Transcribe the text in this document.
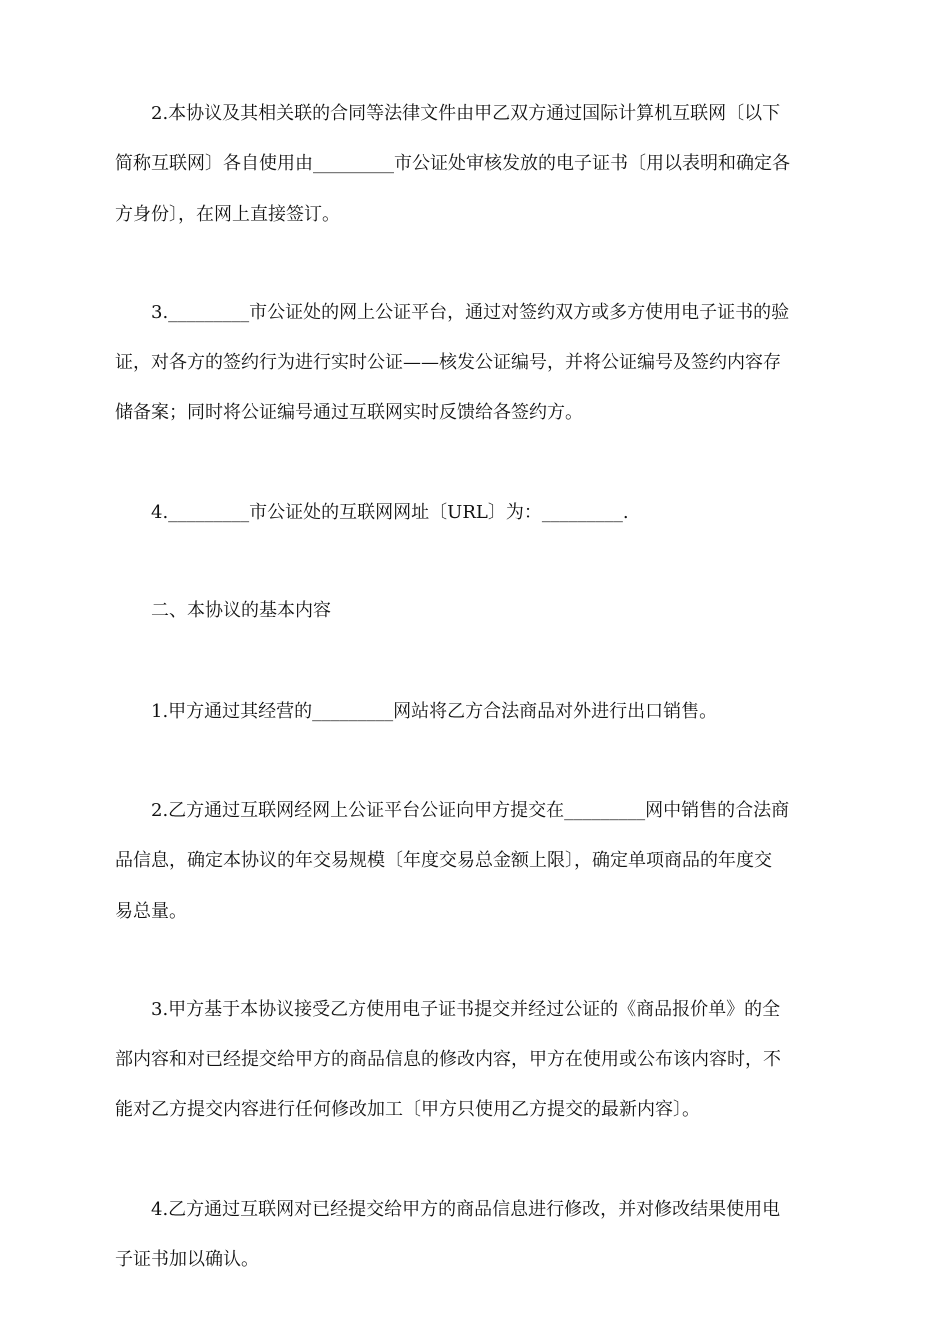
2.本协议及其相关联的合同等法律文件由甲乙双方通过国际计算机互联网〔以下
简称互联网〕各自使用由_________市公证处审核发放的电子证书〔用以表明和确定各
方身份〕，在网上直接签订。
3._________市公证处的网上公证平台，通过对签约双方或多方使用电子证书的验
证，对各方的签约行为进行实时公证——核发公证编号，并将公证编号及签约内容存
储备案；同时将公证编号通过互联网实时反馈给各签约方。
4._________市公证处的互联网网址〔URL〕为：_________.
二、本协议的基本内容
1.甲方通过其经营的_________网站将乙方合法商品对外进行出口销售。
2.乙方通过互联网经网上公证平台公证向甲方提交在_________网中销售的合法商
品信息，确定本协议的年交易规模〔年度交易总金额上限〕，确定单项商品的年度交
易总量。
3.甲方基于本协议接受乙方使用电子证书提交并经过公证的《商品报价单》的全
部内容和对已经提交给甲方的商品信息的修改内容，甲方在使用或公布该内容时，不
能对乙方提交内容进行任何修改加工〔甲方只使用乙方提交的最新内容〕。
4.乙方通过互联网对已经提交给甲方的商品信息进行修改，并对修改结果使用电
子证书加以确认。
